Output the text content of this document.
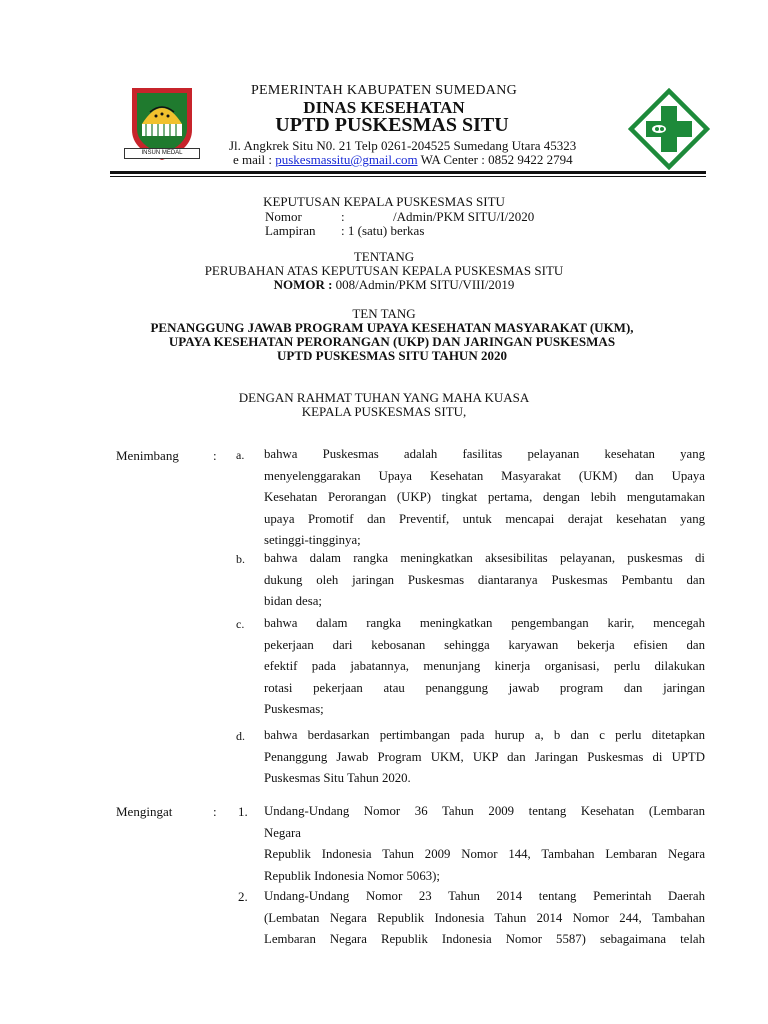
INSUN MEDAL
PEMERINTAH KABUPATEN SUMEDANG
DINAS KESEHATAN
UPTD PUSKESMAS SITU
Jl. Angkrek Situ N0. 21 Telp 0261-204525 Sumedang Utara 45323
e mail : puskesmassitu@gmail.com WA Center : 0852 9422 2794
KEPUTUSAN KEPALA PUSKESMAS SITU
Nomor	:	/Admin/PKM SITU/I/2020
Lampiran : 1 (satu) berkas
TENTANG
PERUBAHAN ATAS KEPUTUSAN KEPALA PUSKESMAS SITU
NOMOR : 008/Admin/PKM SITU/VIII/2019
TEN TANG
PENANGGUNG JAWAB PROGRAM UPAYA KESEHATAN MASYARAKAT (UKM),
UPAYA KESEHATAN PERORANGAN (UKP) DAN JARINGAN PUSKESMAS
UPTD PUSKESMAS SITU TAHUN 2020
DENGAN RAHMAT TUHAN YANG MAHA KUASA
KEPALA PUSKESMAS SITU,
Menimbang	: a. bahwa Puskesmas adalah fasilitas pelayanan kesehatan yang
menyelenggarakan Upaya Kesehatan Masyarakat (UKM) dan Upaya
Kesehatan Perorangan (UKP) tingkat pertama, dengan lebih mengutamakan
upaya Promotif dan Preventif, untuk mencapai derajat kesehatan yang
setinggi-tingginya;
b. bahwa dalam rangka meningkatkan aksesibilitas pelayanan, puskesmas di
dukung oleh jaringan Puskesmas diantaranya Puskesmas Pembantu dan
bidan desa;
c. bahwa dalam rangka meningkatkan pengembangan karir, mencegah
pekerjaan dari kebosanan sehingga karyawan bekerja efisien dan
efektif pada jabatannya, menunjang kinerja organisasi, perlu dilakukan
rotasi pekerjaan atau penanggung jawab program dan jaringan
Puskesmas;
d. bahwa berdasarkan pertimbangan pada hurup a, b dan c perlu ditetapkan
Penanggung Jawab Program UKM, UKP dan Jaringan Puskesmas di UPTD
Puskesmas Situ Tahun 2020.
Mengingat	: 1. Undang-Undang Nomor 36 Tahun 2009 tentang Kesehatan (Lembaran
Negara
Republik Indonesia Tahun 2009 Nomor 144, Tambahan Lembaran Negara
Republik Indonesia Nomor 5063);
2. Undang-Undang Nomor 23 Tahun 2014 tentang Pemerintah Daerah
(Lembatan Negara Republik Indonesia Tahun 2014 Nomor 244, Tambahan
Lembaran Negara Republik Indonesia Nomor 5587) sebagaimana telah
